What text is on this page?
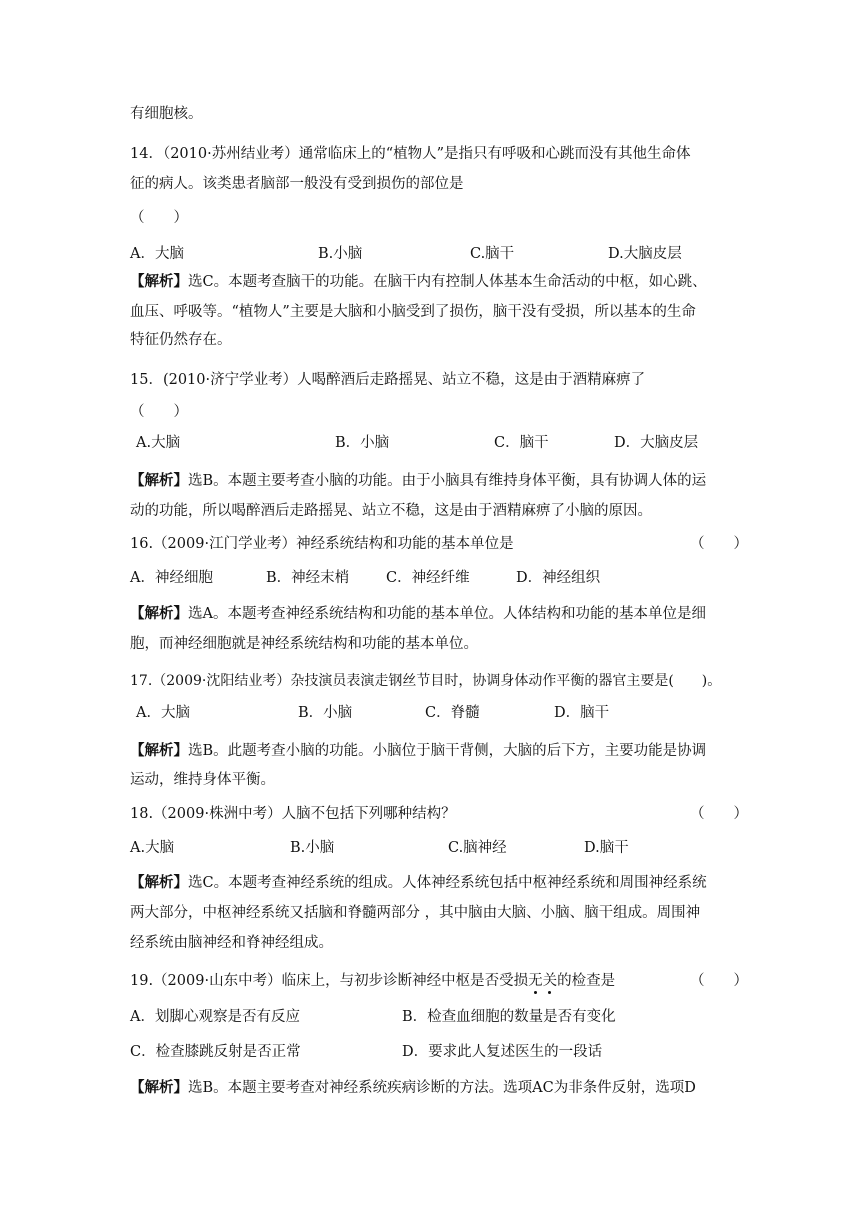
有细胞核。
14．（2010·苏州结业考）通常临床上的“植物人”是指只有呼吸和心跳而没有其他生命体
征的病人。该类患者脑部一般没有受到损伤的部位是
（　　）
A．大脑	B.小脑	C.脑干	D.大脑皮层
【解析】选C。本题考查脑干的功能。在脑干内有控制人体基本生命活动的中枢，如心跳、
血压、呼吸等。“植物人”主要是大脑和小脑受到了损伤，脑干没有受损，所以基本的生命
特征仍然存在。
15．(2010·济宁学业考）人喝醉酒后走路摇晃、站立不稳，这是由于酒精麻痹了
（　　）
A.大脑	B．小脑	C．脑干	D．大脑皮层
【解析】选B。本题主要考查小脑的功能。由于小脑具有维持身体平衡，具有协调人体的运
动的功能，所以喝醉酒后走路摇晃、站立不稳，这是由于酒精麻痹了小脑的原因。
16.（2009·江门学业考）神经系统结构和功能的基本单位是	（　　）
A．神经细胞	B．神经末梢	C．神经纤维	D．神经组织
【解析】选A。本题考查神经系统结构和功能的基本单位。人体结构和功能的基本单位是细
胞，而神经细胞就是神经系统结构和功能的基本单位。
17.（2009·沈阳结业考）杂技演员表演走钢丝节目时，协调身体动作平衡的器官主要是(　　)。
A．大脑	B．小脑	C．脊髓	D．脑干
【解析】选B。此题考查小脑的功能。小脑位于脑干背侧，大脑的后下方，主要功能是协调
运动，维持身体平衡。
18.（2009·株洲中考）人脑不包括下列哪种结构？	（　　）
A.大脑	B.小脑	C.脑神经	D.脑干
【解析】选C。本题考查神经系统的组成。人体神经系统包括中枢神经系统和周围神经系统
两大部分，中枢神经系统又括脑和脊髓两部分 ，其中脑由大脑、小脑、脑干组成。周围神
经系统由脑神经和脊神经组成。
19.（2009·山东中考）临床上，与初步诊断神经中枢是否受损无关的检查是	（　　）
A．划脚心观察是否有反应	B．检查血细胞的数量是否有变化
C．检查膝跳反射是否正常	D．要求此人复述医生的一段话
【解析】选B。本题主要考查对神经系统疾病诊断的方法。选项AC为非条件反射，选项D
